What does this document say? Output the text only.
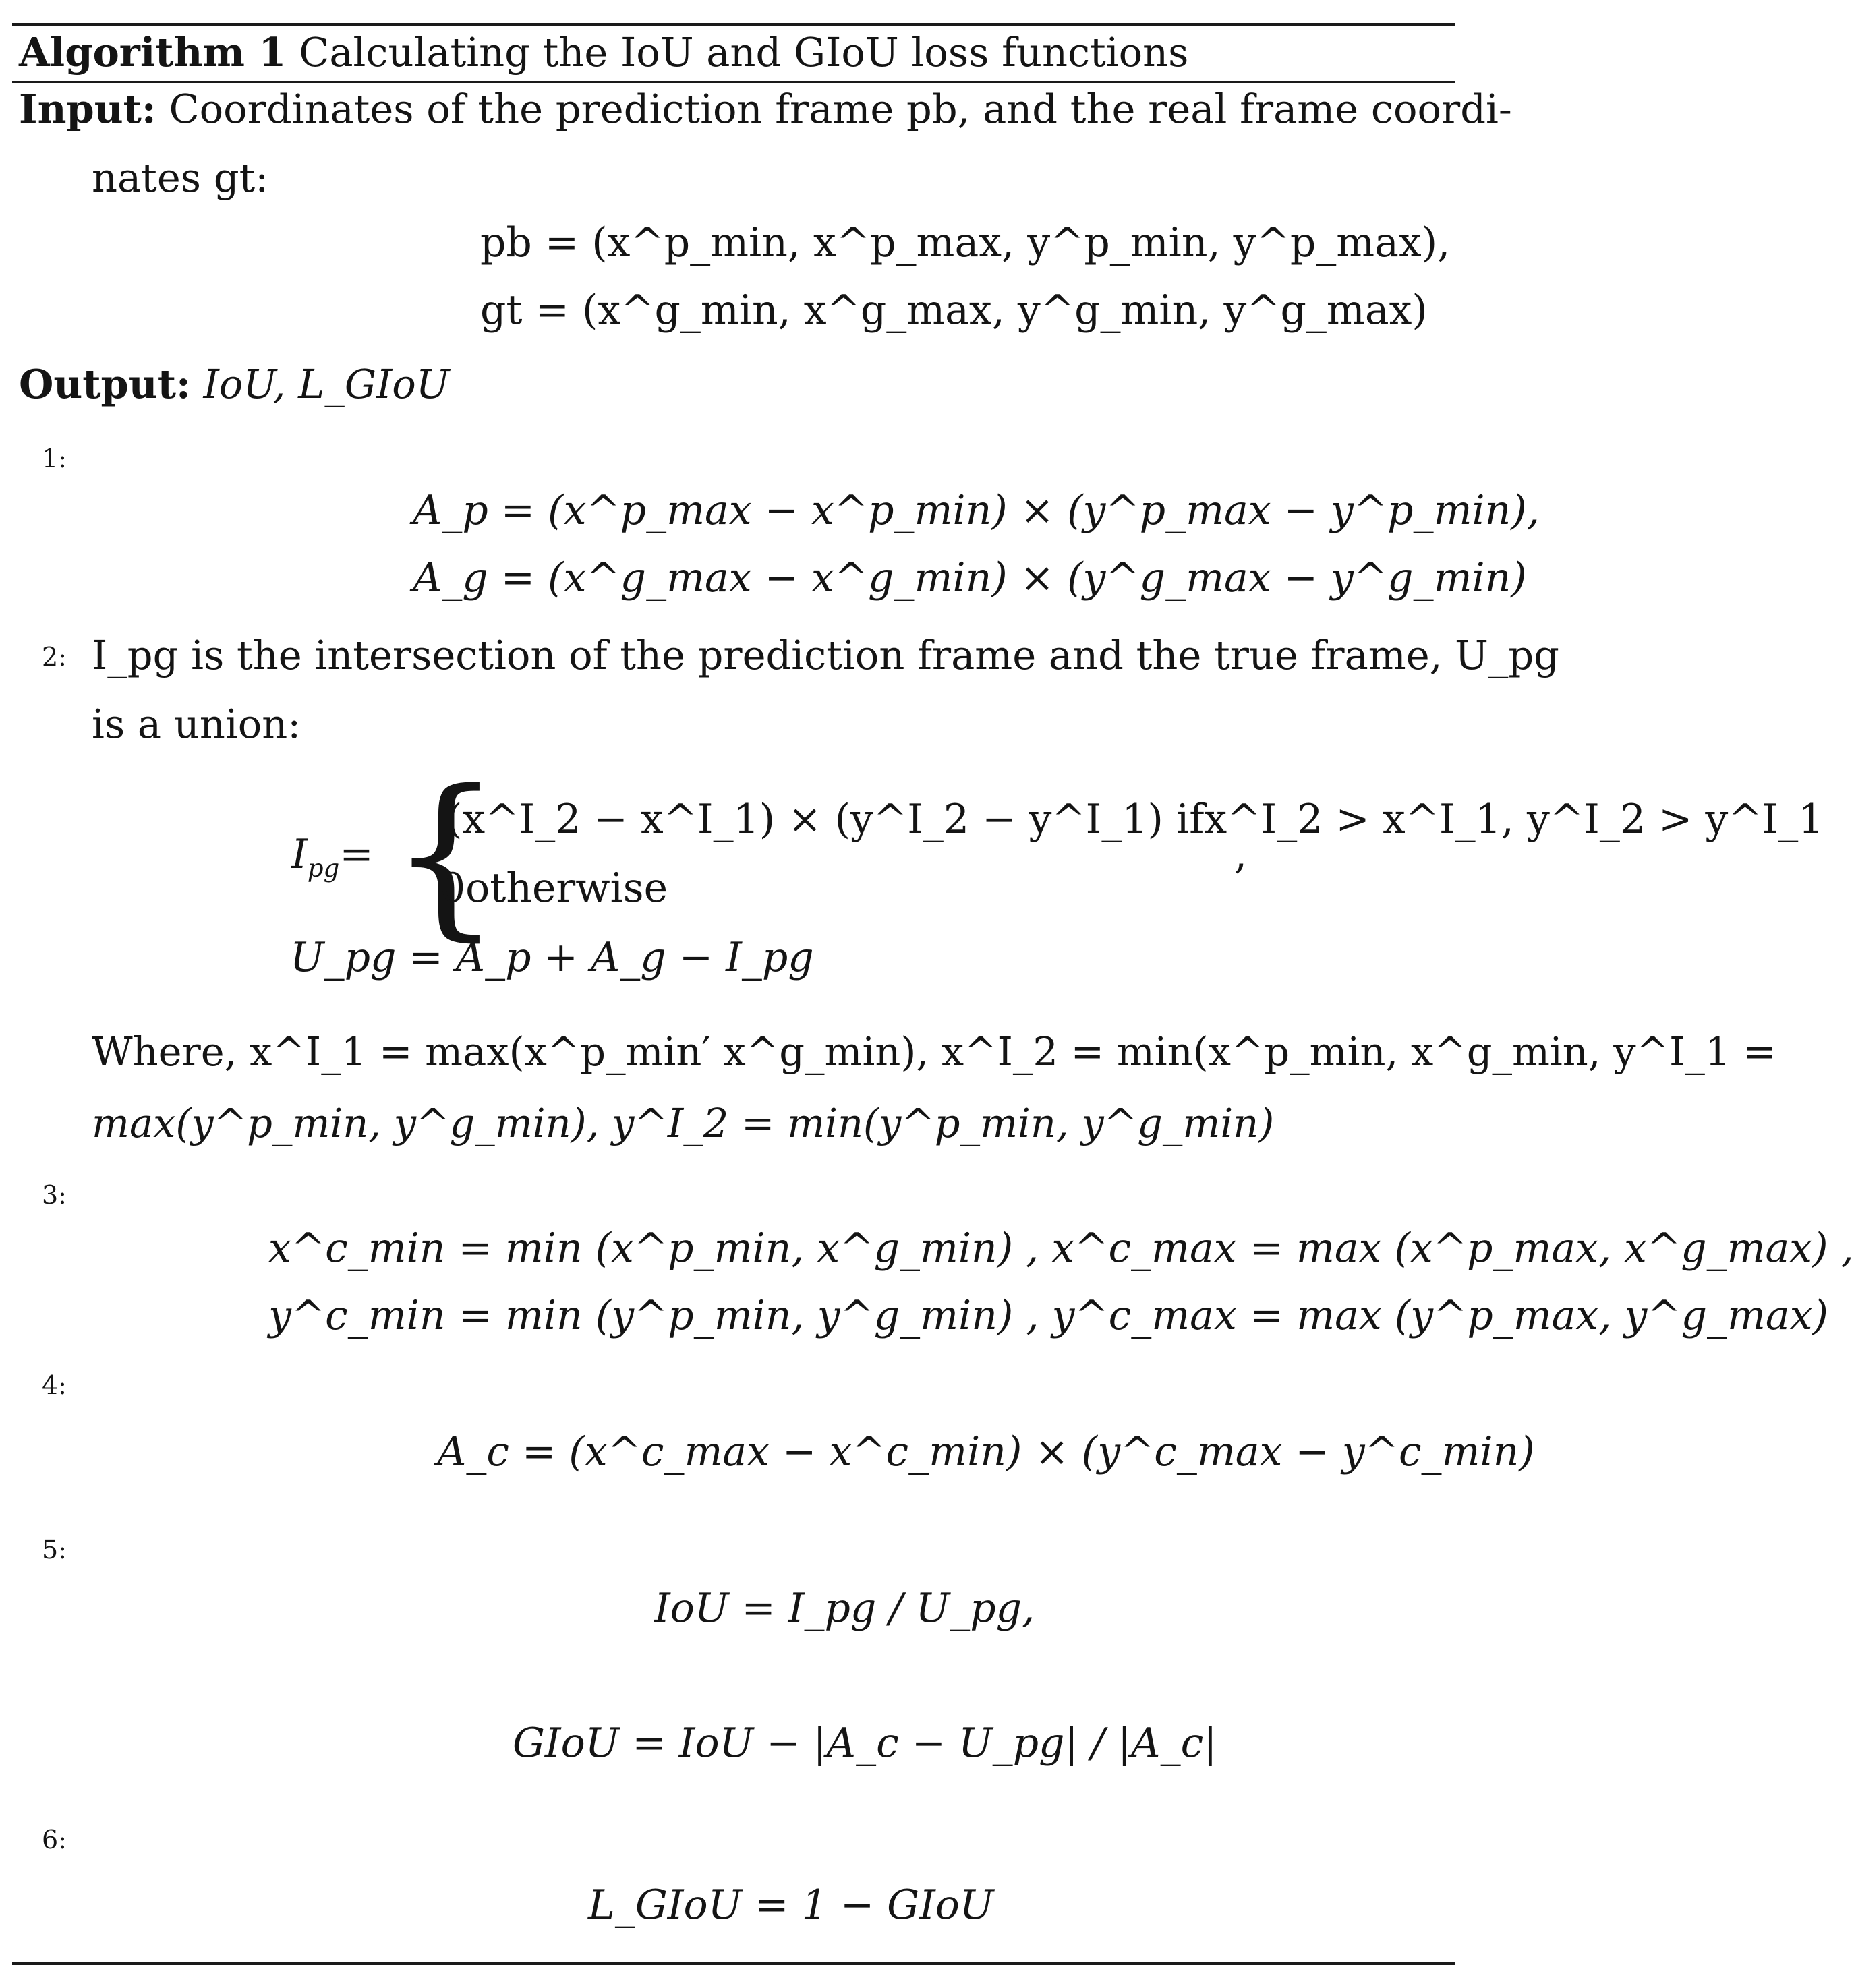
Algorithm 1 Calculating the IoU and GIoU loss functions
Input: Coordinates of the prediction frame pb, and the real frame coordi-
nates gt:
pb = (x^p_min, x^p_max, y^p_min, y^p_max),
gt = (x^g_min, x^g_max, y^g_min, y^g_max)
Output: IoU, L_GIoU
1:
A_p = (x^p_max − x^p_min) × (y^p_max − y^p_min),
A_g = (x^g_max − x^g_min) × (y^g_max − y^g_min)
2: I_pg is the intersection of the prediction frame and the true frame, U_pg
is a union:
$I_{pg}=$ {
(x^I_2 − x^I_1) × (y^I_2 − y^I_1) ifx^I_2 > x^I_1, y^I_2 > y^I_1
0otherwise
,
U_pg = A_p + A_g − I_pg
Where, x^I_1 = max(x^p_min′ x^g_min), x^I_2 = min(x^p_min, x^g_min, y^I_1 =
max(y^p_min, y^g_min), y^I_2 = min(y^p_min, y^g_min)
3:
x^c_min = min (x^p_min, x^g_min) , x^c_max = max (x^p_max, x^g_max) ,
y^c_min = min (y^p_min, y^g_min) , y^c_max = max (y^p_max, y^g_max)
4:
A_c = (x^c_max − x^c_min) × (y^c_max − y^c_min)
5:
IoU = I_pg / U_pg,
GIoU = IoU − |A_c − U_pg| / |A_c|
6:
L_GIoU = 1 − GIoU
